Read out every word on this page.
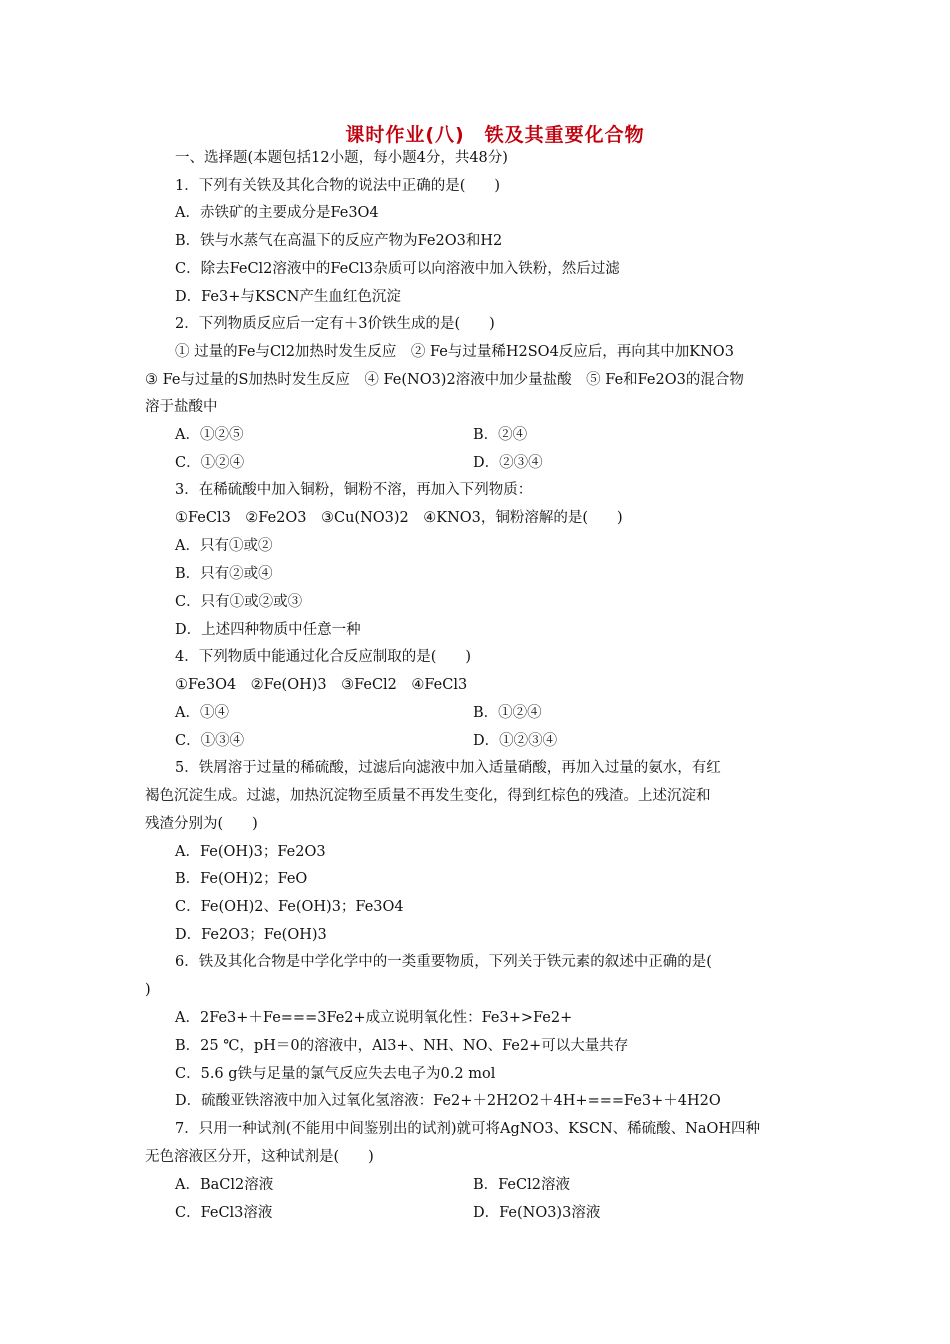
课时作业(八)　铁及其重要化合物
一、选择题(本题包括12小题，每小题4分，共48分)
1．下列有关铁及其化合物的说法中正确的是(　　)
A．赤铁矿的主要成分是Fe3O4
B．铁与水蒸气在高温下的反应产物为Fe2O3和H2
C．除去FeCl2溶液中的FeCl3杂质可以向溶液中加入铁粉，然后过滤
D．Fe3+与KSCN产生血红色沉淀
2．下列物质反应后一定有＋3价铁生成的是(　　)
① 过量的Fe与Cl2加热时发生反应　② Fe与过量稀H2SO4反应后，再向其中加KNO3
③ Fe与过量的S加热时发生反应　④ Fe(NO3)2溶液中加少量盐酸　⑤ Fe和Fe2O3的混合物
溶于盐酸中
A．①②⑤	B．②④
C．①②④	D．②③④
3．在稀硫酸中加入铜粉，铜粉不溶，再加入下列物质：
①FeCl3　②Fe2O3　③Cu(NO3)2　④KNO3，铜粉溶解的是(　　)
A．只有①或②
B．只有②或④
C．只有①或②或③
D．上述四种物质中任意一种
4．下列物质中能通过化合反应制取的是(　　)
①Fe3O4　②Fe(OH)3　③FeCl2　④FeCl3
A．①④	B．①②④
C．①③④	D．①②③④
5．铁屑溶于过量的稀硫酸，过滤后向滤液中加入适量硝酸，再加入过量的氨水，有红
褐色沉淀生成。过滤，加热沉淀物至质量不再发生变化，得到红棕色的残渣。上述沉淀和
残渣分别为(　　)
A．Fe(OH)3；Fe2O3
B．Fe(OH)2；FeO
C．Fe(OH)2、Fe(OH)3；Fe3O4
D．Fe2O3；Fe(OH)3
6．铁及其化合物是中学化学中的一类重要物质，下列关于铁元素的叙述中正确的是(
)
A．2Fe3+＋Fe===3Fe2+成立说明氧化性：Fe3+>Fe2+
B．25 ℃，pH＝0的溶液中，Al3+、NH、NO、Fe2+可以大量共存
C．5.6 g铁与足量的氯气反应失去电子为0.2 mol
D．硫酸亚铁溶液中加入过氧化氢溶液：Fe2+＋2H2O2＋4H+===Fe3+＋4H2O
7．只用一种试剂(不能用中间鉴别出的试剂)就可将AgNO3、KSCN、稀硫酸、NaOH四种
无色溶液区分开，这种试剂是(　　)
A．BaCl2溶液	B．FeCl2溶液
C．FeCl3溶液	D．Fe(NO3)3溶液
